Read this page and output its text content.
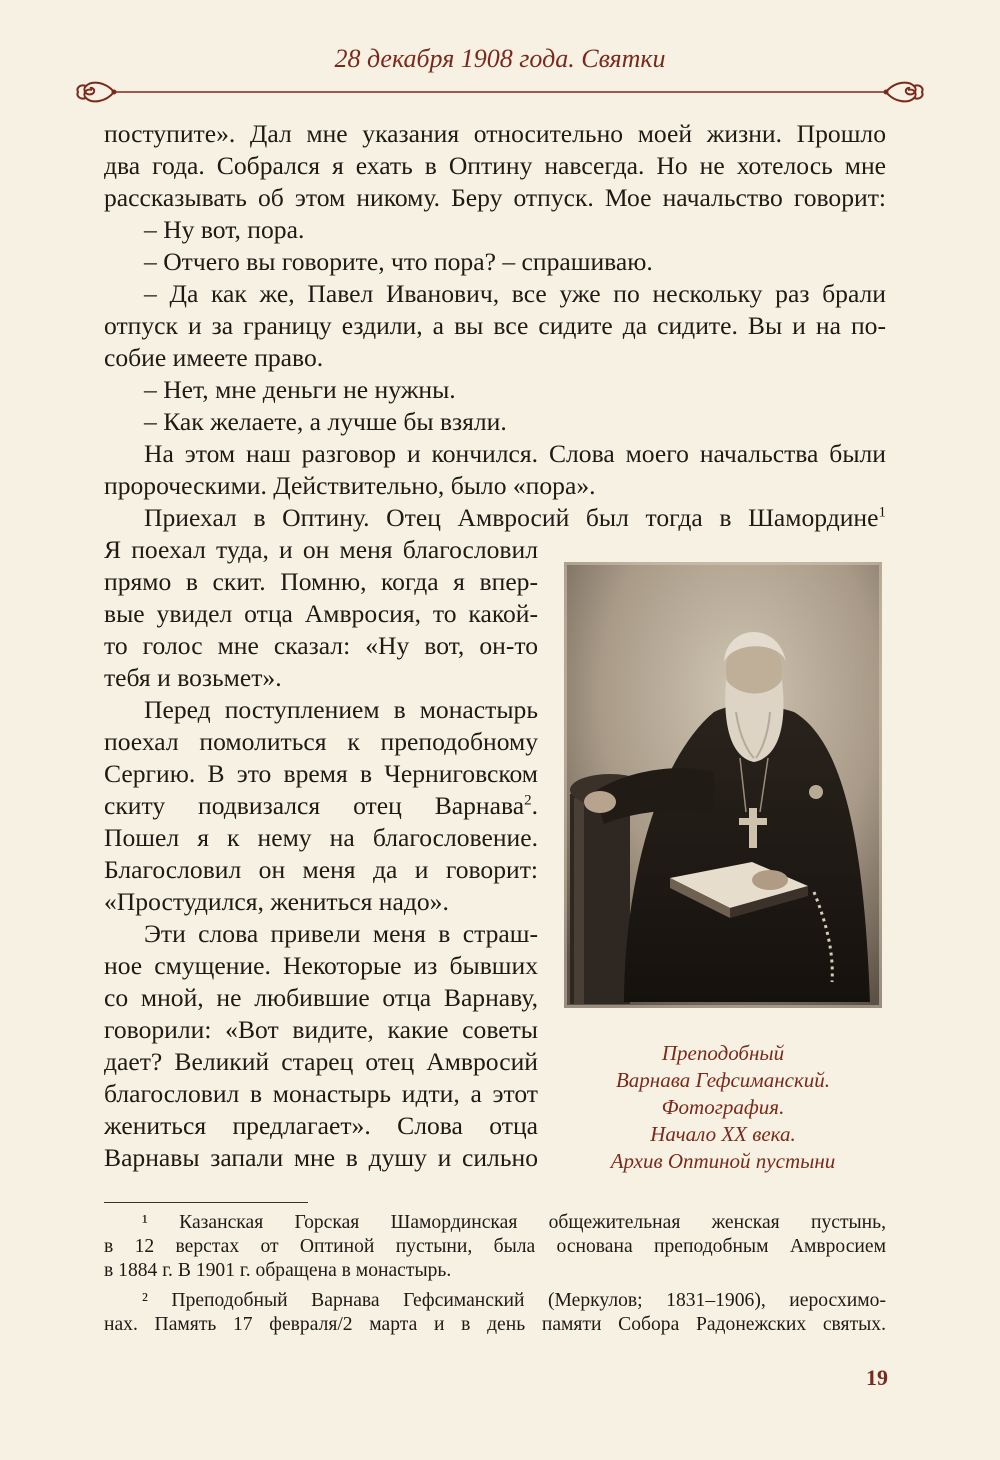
28 декабря 1908 года. Святки
поступите». Дал мне указания относительно моей жизни. Прошло
два года. Собрался я ехать в Оптину навсегда. Но не хотелось мне
рассказывать об этом никому. Беру отпуск. Мое начальство говорит:
– Ну вот, пора.
– Отчего вы говорите, что пора? – спрашиваю.
– Да как же, Павел Иванович, все уже по нескольку раз брали
отпуск и за границу ездили, а вы все сидите да сидите. Вы и на по-
собие имеете право.
– Нет, мне деньги не нужны.
– Как желаете, а лучше бы взяли.
На этом наш разговор и кончился. Слова моего начальства были
пророческими. Действительно, было «пора».
Приехал в Оптину. Отец Амвросий был тогда в Шамордине$^1$
Я поехал туда, и он меня благословил
прямо в скит. Помню, когда я впер-
вые увидел отца Амвросия, то какой-
то голос мне сказал: «Ну вот, он-то
тебя и возьмет».
Перед поступлением в монастырь
поехал помолиться к преподобному
Сергию. В это время в Черниговском
скиту подвизался отец Варнава$^2$.
Пошел я к нему на благословение.
Благословил он меня да и говорит:
«Простудился, жениться надо».
Эти слова привели меня в страш-
ное смущение. Некоторые из бывших
со мной, не любившие отца Варнаву,
говорили: «Вот видите, какие советы
дает? Великий старец отец Амвросий
благословил в монастырь идти, а этот
жениться предлагает». Слова отца
Варнавы запали мне в душу и сильно
Преподобный
Варнава Гефсиманский.
Фотография.
Начало XX века.
Архив Оптиной пустыни
¹ Казанская Горская Шамординская общежительная женская пустынь,
в 12 верстах от Оптиной пустыни, была основана преподобным Амвросием
в 1884 г. В 1901 г. обращена в монастырь.
² Преподобный Варнава Гефсиманский (Меркулов; 1831–1906), иеросхимо-
нах. Память 17 февраля/2 марта и в день памяти Собора Радонежских святых.
19
